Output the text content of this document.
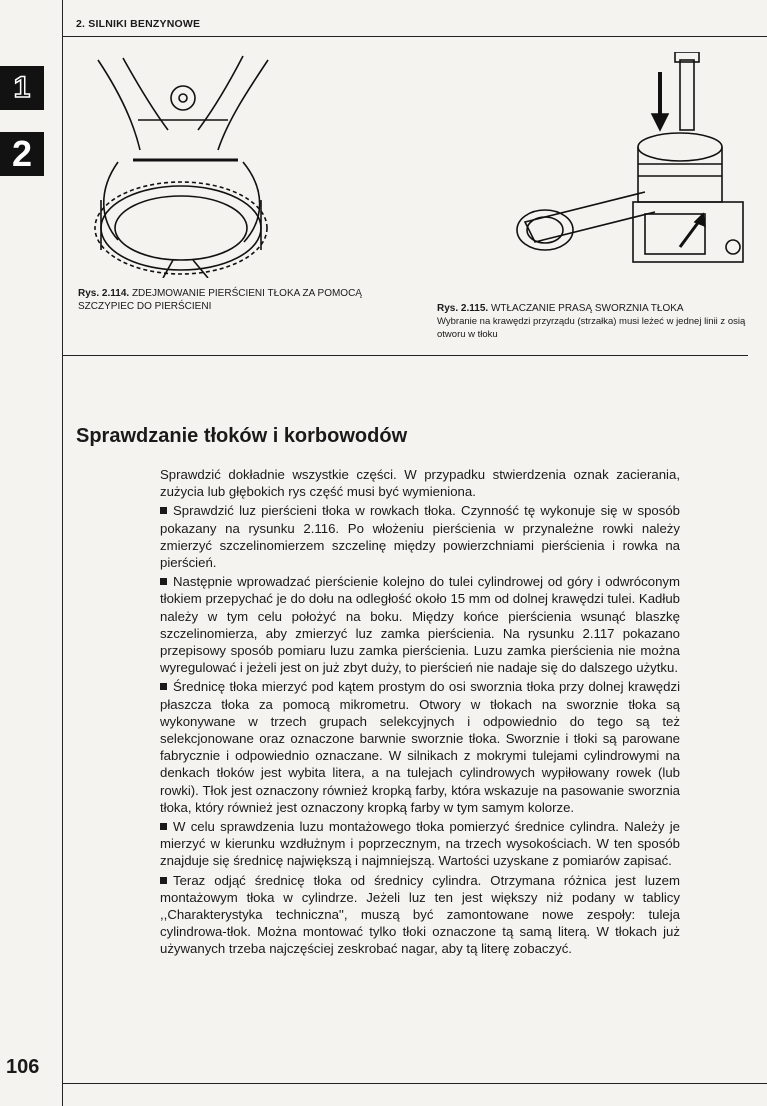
2. SILNIKI BENZYNOWE
1
2
Rys. 2.114. ZDEJMOWANIE PIERŚCIENI TŁOKA ZA POMOCĄ SZCZYPIEC DO PIERŚCIENI	Rys. 2.115. WTŁACZANIE PRASĄ SWORZNIA TŁOKA
Wybranie na krawędzi przyrządu (strzałka) musi leżeć w jednej linii z osią otworu w tłoku
Sprawdzanie tłoków i korbowodów

Sprawdzić dokładnie wszystkie części. W przypadku stwierdzenia oznak zacierania, zużycia lub głębokich rys część musi być wymieniona.

Sprawdzić luz pierścieni tłoka w rowkach tłoka. Czynność tę wykonuje się w sposób pokazany na rysunku 2.116. Po włożeniu pierścienia w przynależne rowki należy zmierzyć szczelinomierzem szczelinę między powierzchniami pierścienia i rowka na pierścień.

Następnie wprowadzać pierścienie kolejno do tulei cylindrowej od góry i odwróconym tłokiem przepychać je do dołu na odległość około 15 mm od dolnej krawędzi tulei. Kadłub należy w tym celu położyć na boku. Między końce pierścienia wsunąć blaszkę szczelinomierza, aby zmierzyć luz zamka pierścienia. Na rysunku 2.117 pokazano przepisowy sposób pomiaru luzu zamka pierścienia. Luzu zamka pierścienia nie można wyregulować i jeżeli jest on już zbyt duży, to pierścień nie nadaje się do dalszego użytku.

Średnicę tłoka mierzyć pod kątem prostym do osi sworznia tłoka przy dolnej krawędzi płaszcza tłoka za pomocą mikrometru. Otwory w tłokach na sworznie tłoka są wykonywane w trzech grupach selekcyjnych i odpowiednio do tego są też selekcjonowane oraz oznaczone barwnie sworznie tłoka. Sworznie i tłoki są parowane fabrycznie i odpowiednio oznaczane. W silnikach z mokrymi tulejami cylindrowymi na denkach tłoków jest wybita litera, a na tulejach cylindrowych wypiłowany rowek (lub rowki). Tłok jest oznaczony również kropką farby, która wskazuje na pasowanie sworznia tłoka, który również jest oznaczony kropką farby w tym samym kolorze.

W celu sprawdzenia luzu montażowego tłoka pomierzyć średnice cylindra. Należy je mierzyć w kierunku wzdłużnym i poprzecznym, na trzech wysokościach. W ten sposób znajduje się średnicę największą i najmniejszą. Wartości uzyskane z pomiarów zapisać.

Teraz odjąć średnicę tłoka od średnicy cylindra. Otrzymana różnica jest luzem montażowym tłoka w cylindrze. Jeżeli luz ten jest większy niż podany w tablicy ,,Charakterystyka techniczna'', muszą być zamontowane nowe zespoły: tuleja cylindrowa-tłok. Można montować tylko tłoki oznaczone tą samą literą. W tłokach już używanych trzeba najczęściej zeskrobać nagar, aby tą literę zobaczyć.

106
